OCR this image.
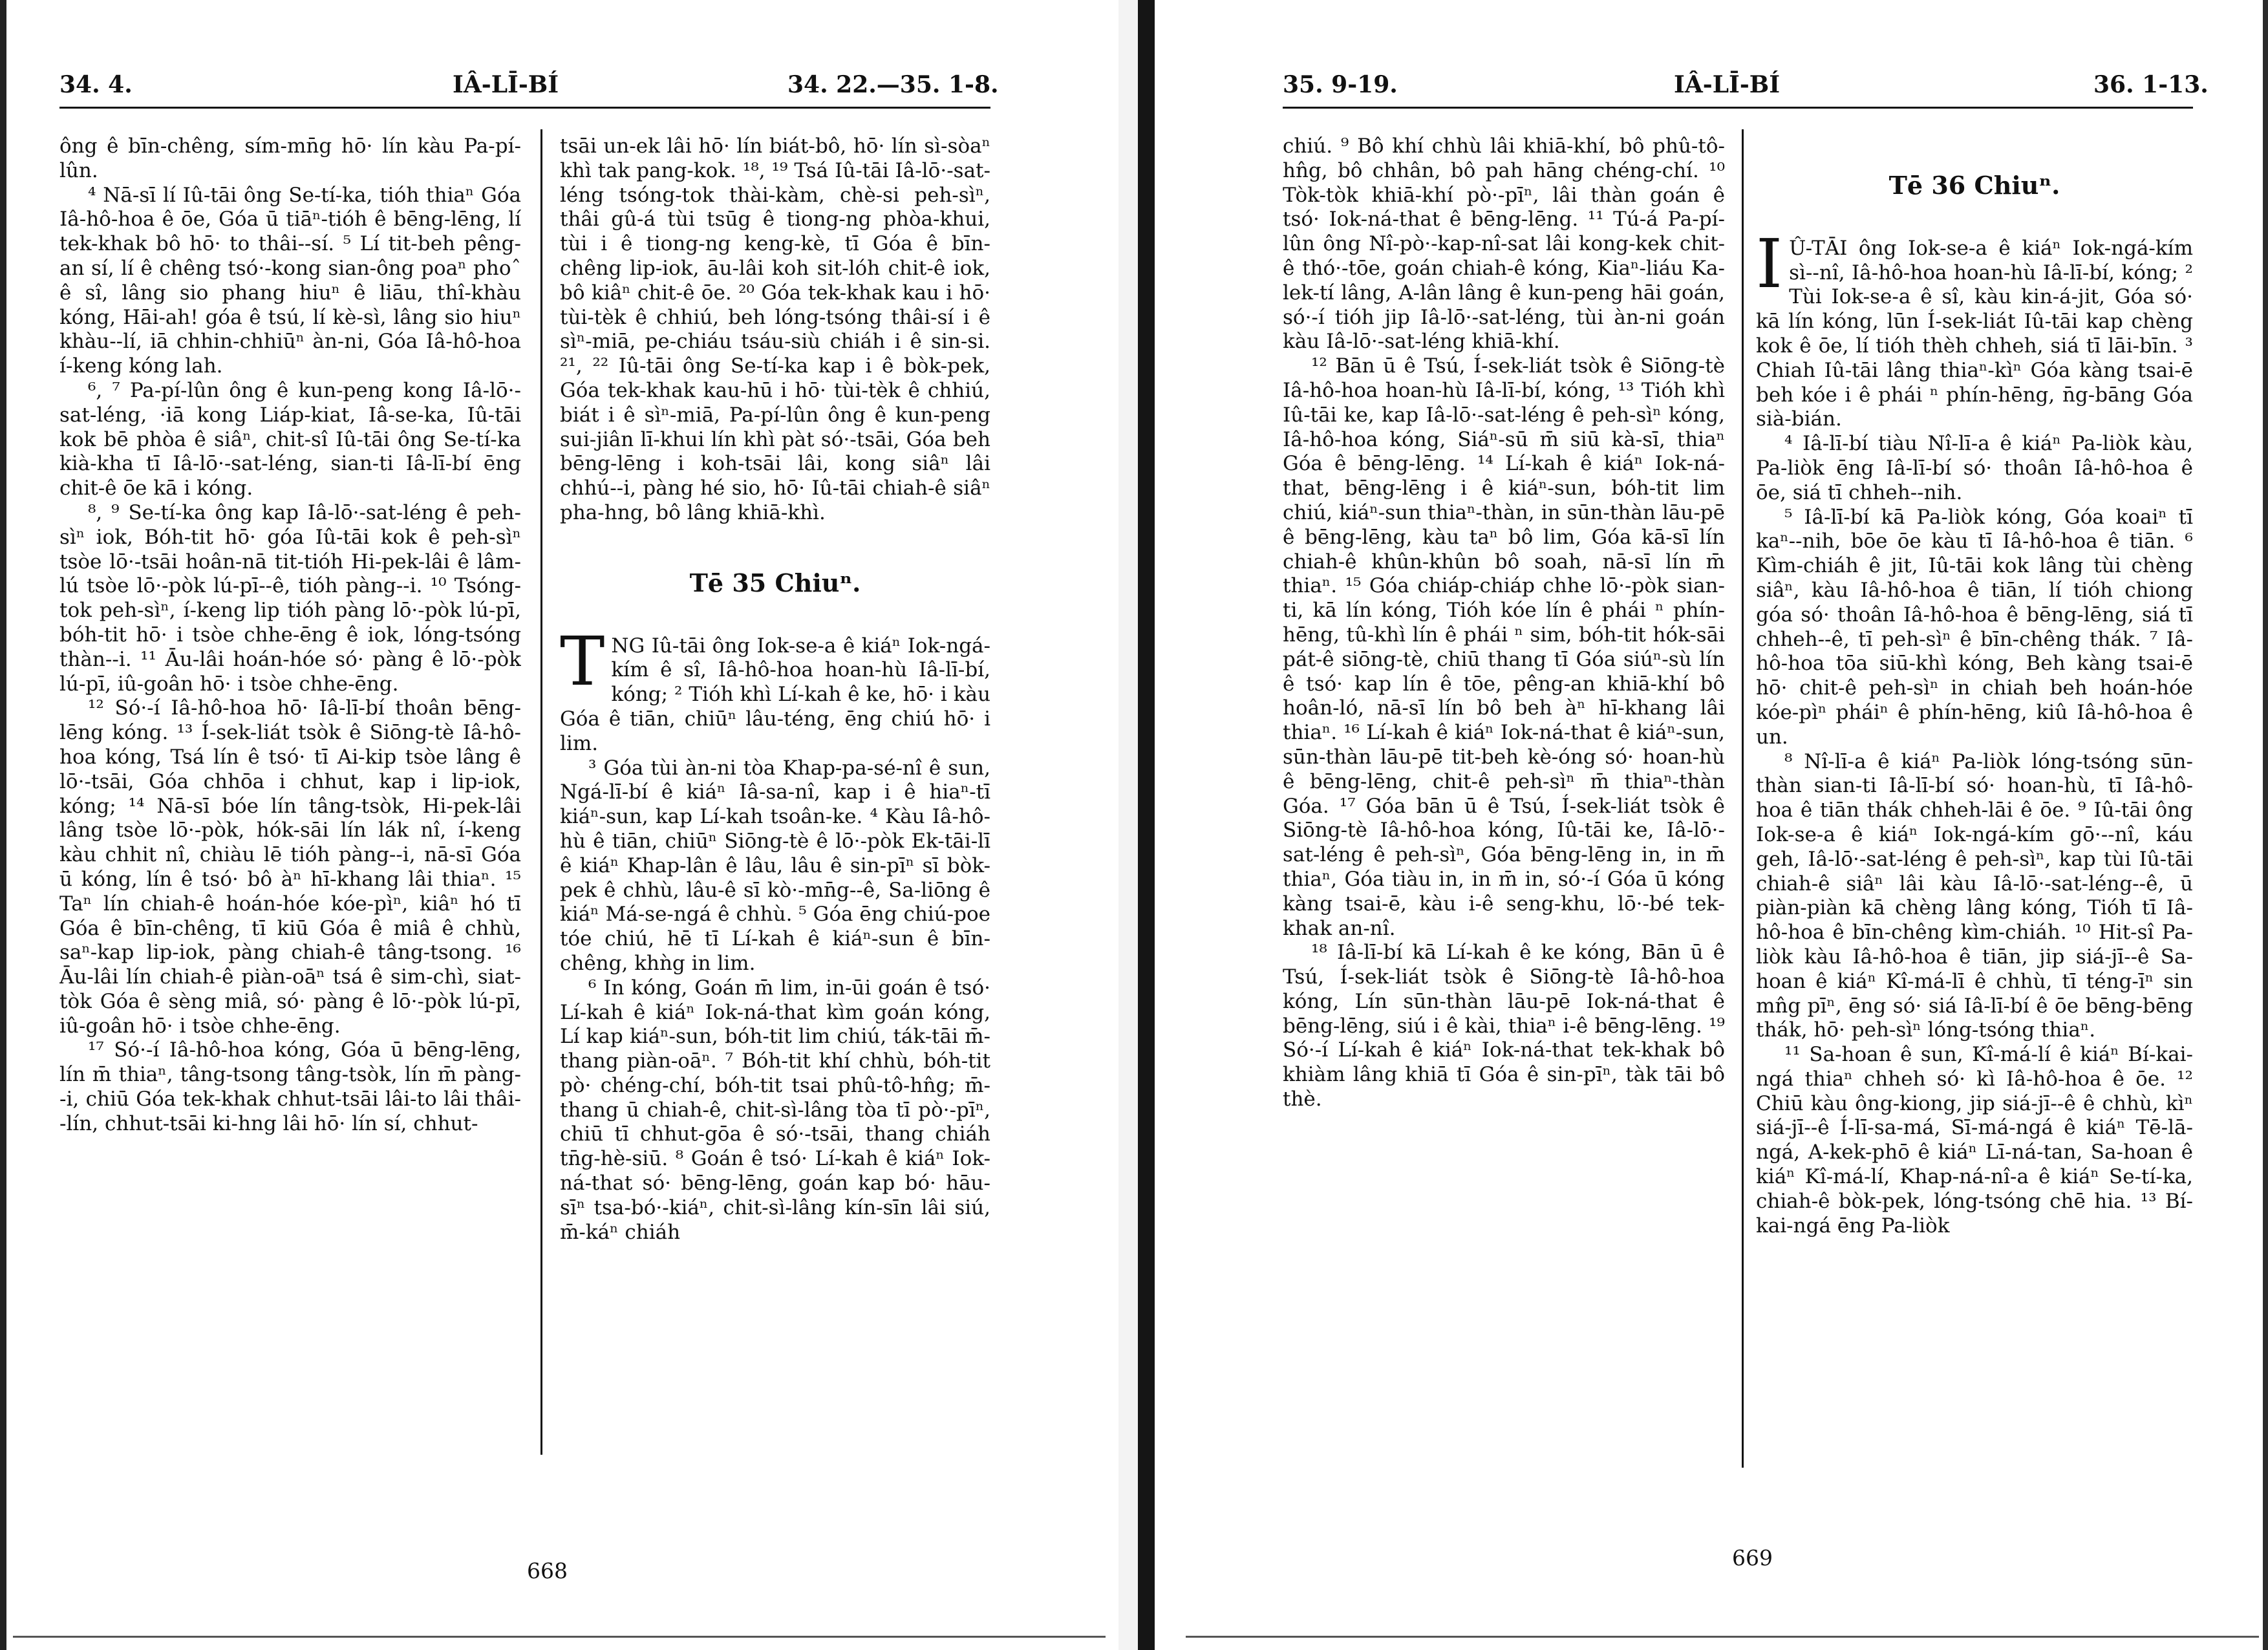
34. 4.	IÂ-LĪ-BÍ	34. 22.—35. 1-8.

ông ê bīn-chêng, sím-mn̄g hō· lín kàu Pa-pí-lûn.

⁴ Nā-sī lí Iû-tāi ông Se-tí-ka, tióh thiaⁿ Góa Iâ-hô-hoa ê ōe, Góa ū tiāⁿ-tióh ê bēng-lēng, lí tek-khak bô hō· to thâi--sí. ⁵ Lí tit-beh pêng-an sí, lí ê chêng tsó·-kong sian-ông poaⁿ phoˆ ê sî, lâng sio phang hiuⁿ ê liāu, thî-khàu kóng, Hāi-ah! góa ê tsú, lí kè-sì, lâng sio hiuⁿ khàu--lí, iā chhin-chhiūⁿ àn-ni, Góa Iâ-hô-hoa í-keng kóng lah.

⁶, ⁷ Pa-pí-lûn ông ê kun-peng kong Iâ-lō·-sat-léng, ·iā kong Liáp-kiat, Iâ-se-ka, Iû-tāi kok bē phòa ê siâⁿ, chit-sî Iû-tāi ông Se-tí-ka kià-kha tī Iâ-lō·-sat-léng, sian-ti Iâ-lī-bí ēng chit-ê ōe kā i kóng.

⁸, ⁹ Se-tí-ka ông kap Iâ-lō·-sat-léng ê peh-sìⁿ iok, Bóh-tit hō· góa Iû-tāi kok ê peh-sìⁿ tsòe lō·-tsāi hoân-nā tit-tióh Hi-pek-lâi ê lâm-lú tsòe lō·-pòk lú-pī--ê, tióh pàng--i. ¹⁰ Tsóng-tok peh-sìⁿ, í-keng lip tióh pàng lō·-pòk lú-pī, bóh-tit hō· i tsòe chhe-ēng ê iok, lóng-tsóng thàn--i. ¹¹ Āu-lâi hoán-hóe só· pàng ê lō·-pòk lú-pī, iû-goân hō· i tsòe chhe-ēng.

¹² Só·-í Iâ-hô-hoa hō· Iâ-lī-bí thoân bēng-lēng kóng. ¹³ Í-sek-liát tsòk ê Siōng-tè Iâ-hô-hoa kóng, Tsá lín ê tsó· tī Ai-kip tsòe lâng ê lō·-tsāi, Góa chhōa i chhut, kap i lip-iok, kóng; ¹⁴ Nā-sī bóe lín tâng-tsòk, Hi-pek-lâi lâng tsòe lō·-pòk, hók-sāi lín lák nî, í-keng kàu chhit nî, chiàu lē tióh pàng--i, nā-sī Góa ū kóng, lín ê tsó· bô àⁿ hī-khang lâi thiaⁿ. ¹⁵ Taⁿ lín chiah-ê hoán-hóe kóe-pìⁿ, kiâⁿ hó tī Góa ê bīn-chêng, tī kiū Góa ê miâ ê chhù, saⁿ-kap lip-iok, pàng chiah-ê tâng-tsong. ¹⁶ Āu-lâi lín chiah-ê piàn-oāⁿ tsá ê sim-chì, siat-tòk Góa ê sèng miâ, só· pàng ê lō·-pòk lú-pī, iû-goân hō· i tsòe chhe-ēng.

¹⁷ Só·-í Iâ-hô-hoa kóng, Góa ū bēng-lēng, lín m̄ thiaⁿ, tâng-tsong tâng-tsòk, lín m̄ pàng--i, chiū Góa tek-khak chhut-tsāi lâi-to lâi thâi--lín, chhut-tsāi ki-hng lâi hō· lín sí, chhut-

tsāi un-ek lâi hō· lín biát-bô, hō· lín sì-sòaⁿ khì tak pang-kok. ¹⁸, ¹⁹ Tsá Iû-tāi Iâ-lō·-sat-léng tsóng-tok thài-kàm, chè-si peh-sìⁿ, thâi gû-á tùi tsūg ê tiong-ng phòa-khui, tùi i ê tiong-ng keng-kè, tī Góa ê bīn-chêng lip-iok, āu-lâi koh sit-lóh chit-ê iok, bô kiâⁿ chit-ê ōe. ²⁰ Góa tek-khak kau i hō· tùi-tèk ê chhiú, beh lóng-tsóng thâi-sí i ê sìⁿ-miā, pe-chiáu tsáu-siù chiáh i ê sin-si. ²¹, ²² Iû-tāi ông Se-tí-ka kap i ê bòk-pek, Góa tek-khak kau-hū i hō· tùi-tèk ê chhiú, biát i ê sìⁿ-miā, Pa-pí-lûn ông ê kun-peng sui-jiân lī-khui lín khì pàt só·-tsāi, Góa beh bēng-lēng i koh-tsāi lâi, kong siâⁿ lâi chhú--i, pàng hé sio, hō· Iû-tāi chiah-ê siâⁿ pha-hng, bô lâng khiā-khì.

Tē 35 Chiuⁿ.

TNG Iû-tāi ông Iok-se-a ê kiáⁿ Iok-ngá-kím ê sî, Iâ-hô-hoa hoan-hù Iâ-lī-bí, kóng; ² Tióh khì Lí-kah ê ke, hō· i kàu Góa ê tiān, chiūⁿ lâu-téng, ēng chiú hō· i lim.

³ Góa tùi àn-ni tòa Khap-pa-sé-nî ê sun, Ngá-lī-bí ê kiáⁿ Iâ-sa-nî, kap i ê hiaⁿ-tī kiáⁿ-sun, kap Lí-kah tsoân-ke. ⁴ Kàu Iâ-hô-hù ê tiān, chiūⁿ Siōng-tè ê lō·-pòk Ek-tāi-lī ê kiáⁿ Khap-lân ê lâu, lâu ê sin-pīⁿ sī bòk-pek ê chhù, lâu-ê sī kò·-mn̄g--ê, Sa-liōng ê kiáⁿ Má-se-ngá ê chhù. ⁵ Góa ēng chiú-poe tóe chiú, hē tī Lí-kah ê kiáⁿ-sun ê bīn-chêng, khǹg in lim.

⁶ In kóng, Goán m̄ lim, in-ūi goán ê tsó· Lí-kah ê kiáⁿ Iok-ná-that kìm goán kóng, Lí kap kiáⁿ-sun, bóh-tit lim chiú, ták-tāi m̄-thang piàn-oāⁿ. ⁷ Bóh-tit khí chhù, bóh-tit pò· chéng-chí, bóh-tit tsai phû-tô-hn̂g; m̄-thang ū chiah-ê, chit-sì-lâng tòa tī pò·-pīⁿ, chiū tī chhut-gōa ê só·-tsāi, thang chiáh tn̄g-hè-siū. ⁸ Goán ê tsó· Lí-kah ê kiáⁿ Iok-ná-that só· bēng-lēng, goán kap bó· hāu-sīⁿ tsa-bó·-kiáⁿ, chit-sì-lâng kín-sīn lâi siú, m̄-káⁿ chiáh

668
35. 9-19.	IÂ-LĪ-BÍ	36. 1-13.

chiú. ⁹ Bô khí chhù lâi khiā-khí, bô phû-tô-hn̂g, bô chhân, bô pah hāng chéng-chí. ¹⁰ Tòk-tòk khiā-khí pò·-pīⁿ, lâi thàn goán ê tsó· Iok-ná-that ê bēng-lēng. ¹¹ Tú-á Pa-pí-lûn ông Nî-pò·-kap-nî-sat lâi kong-kek chit-ê thó·-tōe, goán chiah-ê kóng, Kiaⁿ-liáu Ka-lek-tí lâng, A-lân lâng ê kun-peng hāi goán, só·-í tióh jip Iâ-lō·-sat-léng, tùi àn-ni goán kàu Iâ-lō·-sat-léng khiā-khí.

¹² Bān ū ê Tsú, Í-sek-liát tsòk ê Siōng-tè Iâ-hô-hoa hoan-hù Iâ-lī-bí, kóng, ¹³ Tióh khì Iû-tāi ke, kap Iâ-lō·-sat-léng ê peh-sìⁿ kóng, Iâ-hô-hoa kóng, Siáⁿ-sū m̄ siū kà-sī, thiaⁿ Góa ê bēng-lēng. ¹⁴ Lí-kah ê kiáⁿ Iok-ná-that, bēng-lēng i ê kiáⁿ-sun, bóh-tit lim chiú, kiáⁿ-sun thiaⁿ-thàn, in sūn-thàn lāu-pē ê bēng-lēng, kàu taⁿ bô lim, Góa kā-sī lín chiah-ê khûn-khûn bô soah, nā-sī lín m̄ thiaⁿ. ¹⁵ Góa chiáp-chiáp chhe lō·-pòk sian-ti, kā lín kóng, Tióh kóe lín ê phái ⁿ phín-hēng, tû-khì lín ê phái ⁿ sim, bóh-tit hók-sāi pát-ê siōng-tè, chiū thang tī Góa siúⁿ-sù lín ê tsó· kap lín ê tōe, pêng-an khiā-khí bô hoân-ló, nā-sī lín bô beh àⁿ hī-khang lâi thiaⁿ. ¹⁶ Lí-kah ê kiáⁿ Iok-ná-that ê kiáⁿ-sun, sūn-thàn lāu-pē tit-beh kè-óng só· hoan-hù ê bēng-lēng, chit-ê peh-sìⁿ m̄ thiaⁿ-thàn Góa. ¹⁷ Góa bān ū ê Tsú, Í-sek-liát tsòk ê Siōng-tè Iâ-hô-hoa kóng, Iû-tāi ke, Iâ-lō·-sat-léng ê peh-sìⁿ, Góa bēng-lēng in, in m̄ thiaⁿ, Góa tiàu in, in m̄ in, só·-í Góa ū kóng kàng tsai-ē, kàu i-ê seng-khu, lō·-bé tek-khak an-nî.

¹⁸ Iâ-lī-bí kā Lí-kah ê ke kóng, Bān ū ê Tsú, Í-sek-liát tsòk ê Siōng-tè Iâ-hô-hoa kóng, Lín sūn-thàn lāu-pē Iok-ná-that ê bēng-lēng, siú i ê kài, thiaⁿ i-ê bēng-lēng. ¹⁹ Só·-í Lí-kah ê kiáⁿ Iok-ná-that tek-khak bô khiàm lâng khiā tī Góa ê sin-pīⁿ, tàk tāi bô thè.

Tē 36 Chiuⁿ.

I Û-TĀI ông Iok-se-a ê kiáⁿ Iok-ngá-kím sì--nî, Iâ-hô-hoa hoan-hù Iâ-lī-bí, kóng; ² Tùi Iok-se-a ê sî, kàu kin-á-jit, Góa só· kā lín kóng, lūn Í-sek-liát Iû-tāi kap chèng kok ê ōe, lí tióh thèh chheh, siá tī lāi-bīn. ³ Chiah Iû-tāi lâng thiaⁿ-kìⁿ Góa kàng tsai-ē beh kóe i ê phái ⁿ phín-hēng, n̄g-bāng Góa sià-bián.

⁴ Iâ-lī-bí tiàu Nî-lī-a ê kiáⁿ Pa-liòk kàu, Pa-liòk ēng Iâ-lī-bí só· thoân Iâ-hô-hoa ê ōe, siá tī chheh--nih.

⁵ Iâ-lī-bí kā Pa-liòk kóng, Góa koaiⁿ tī kaⁿ--nih, bōe ōe kàu tī Iâ-hô-hoa ê tiān. ⁶ Kìm-chiáh ê jit, Iû-tāi kok lâng tùi chèng siâⁿ, kàu Iâ-hô-hoa ê tiān, lí tióh chiong góa só· thoân Iâ-hô-hoa ê bēng-lēng, siá tī chheh--ê, tī peh-sìⁿ ê bīn-chêng thák. ⁷ Iâ-hô-hoa tōa siū-khì kóng, Beh kàng tsai-ē hō· chit-ê peh-sìⁿ in chiah beh hoán-hóe kóe-pìⁿ pháiⁿ ê phín-hēng, kiû Iâ-hô-hoa ê un.

⁸ Nî-lī-a ê kiáⁿ Pa-liòk lóng-tsóng sūn-thàn sian-ti Iâ-lī-bí só· hoan-hù, tī Iâ-hô-hoa ê tiān thák chheh-lāi ê ōe. ⁹ Iû-tāi ông Iok-se-a ê kiáⁿ Iok-ngá-kím gō·--nî, káu geh, Iâ-lō·-sat-léng ê peh-sìⁿ, kap tùi Iû-tāi chiah-ê siâⁿ lâi kàu Iâ-lō·-sat-léng--ê, ū piàn-piàn kā chèng lâng kóng, Tióh tī Iâ-hô-hoa ê bīn-chêng kìm-chiáh. ¹⁰ Hit-sî Pa-liòk kàu Iâ-hô-hoa ê tiān, jip siá-jī--ê Sa-hoan ê kiáⁿ Kî-má-lī ê chhù, tī téng-īⁿ sin mn̂g pīⁿ, ēng só· siá Iâ-lī-bí ê ōe bēng-bēng thák, hō· peh-sìⁿ lóng-tsóng thiaⁿ.

¹¹ Sa-hoan ê sun, Kî-má-lí ê kiáⁿ Bí-kai-ngá thiaⁿ chheh só· kì Iâ-hô-hoa ê ōe. ¹² Chiū kàu ông-kiong, jip siá-jī--ê ê chhù, kìⁿ siá-jī--ê Í-lī-sa-má, Sī-má-ngá ê kiáⁿ Tē-lā-ngá, A-kek-phō ê kiáⁿ Lī-ná-tan, Sa-hoan ê kiáⁿ Kî-má-lí, Khap-ná-nî-a ê kiáⁿ Se-tí-ka, chiah-ê bòk-pek, lóng-tsóng chē hia. ¹³ Bí-kai-ngá ēng Pa-liòk

669
